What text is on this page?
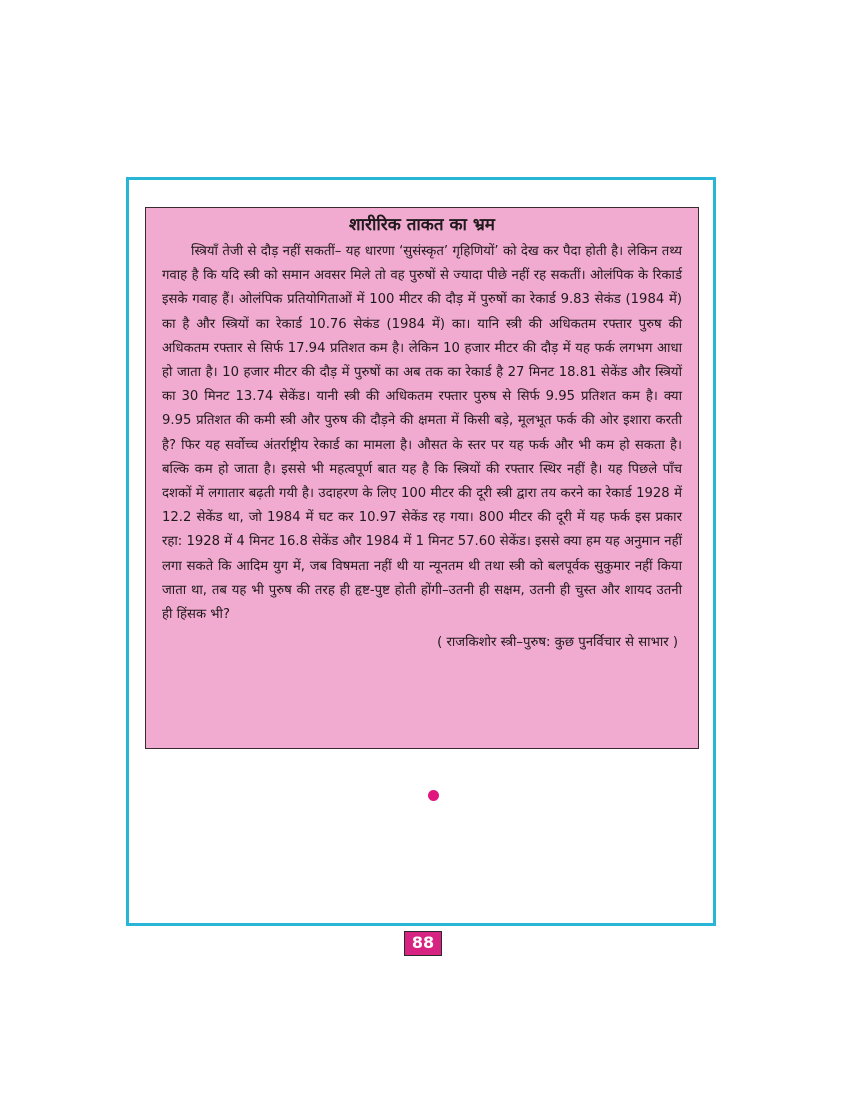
शारीरिक ताकत का भ्रम

स्त्रियाँ तेजी से दौड़ नहीं सकतीं– यह धारणा ‘सुसंस्कृत’ गृहिणियों’ को देख कर पैदा होती है। लेकिन तथ्य गवाह है कि यदि स्त्री को समान अवसर मिले तो वह पुरुषों से ज्यादा पीछे नहीं रह सकतीं। ओलंपिक के रिकार्ड इसके गवाह हैं। ओलंपिक प्रतियोगिताओं में 100 मीटर की दौड़ में पुरुषों का रेकार्ड 9.83 सेकंड (1984 में) का है और स्त्रियों का रेकार्ड 10.76 सेकंड (1984 में) का। यानि स्त्री की अधिकतम रफ्तार पुरुष की अधिकतम रफ्तार से सिर्फ 17.94 प्रतिशत कम है। लेकिन 10 हजार मीटर की दौड़ में यह फर्क लगभग आधा हो जाता है। 10 हजार मीटर की दौड़ में पुरुषों का अब तक का रेकार्ड है 27 मिनट 18.81 सेकेंड और स्त्रियों का 30 मिनट 13.74 सेकेंड। यानी स्त्री की अधिकतम रफ्तार पुरुष से सिर्फ 9.95 प्रतिशत कम है। क्या 9.95 प्रतिशत की कमी स्त्री और पुरुष की दौड़ने की क्षमता में किसी बड़े, मूलभूत फर्क की ओर इशारा करती है? फिर यह सर्वोच्च अंतर्राष्ट्रीय रेकार्ड का मामला है। औसत के स्तर पर यह फर्क और भी कम हो सकता है। बल्कि कम हो जाता है। इससे भी महत्वपूर्ण बात यह है कि स्त्रियों की रफ्तार स्थिर नहीं है। यह पिछले पाँच दशकों में लगातार बढ़ती गयी है। उदाहरण के लिए 100 मीटर की दूरी स्त्री द्वारा तय करने का रेकार्ड 1928 में 12.2 सेकेंड था, जो 1984 में घट कर 10.97 सेकेंड रह गया। 800 मीटर की दूरी में यह फर्क इस प्रकार रहा: 1928 में 4 मिनट 16.8 सेकेंड और 1984 में 1 मिनट 57.60 सेकेंड। इससे क्या हम यह अनुमान नहीं लगा सकते कि आदिम युग में, जब विषमता नहीं थी या न्यूनतम थी तथा स्त्री को बलपूर्वक सुकुमार नहीं किया जाता था, तब यह भी पुरुष की तरह ही हृष्ट-पुष्ट होती होंगी–उतनी ही सक्षम, उतनी ही चुस्त और शायद उतनी ही हिंसक भी?

( राजकिशोर स्त्री–पुरुष: कुछ पुनर्विचार से साभार )
88
